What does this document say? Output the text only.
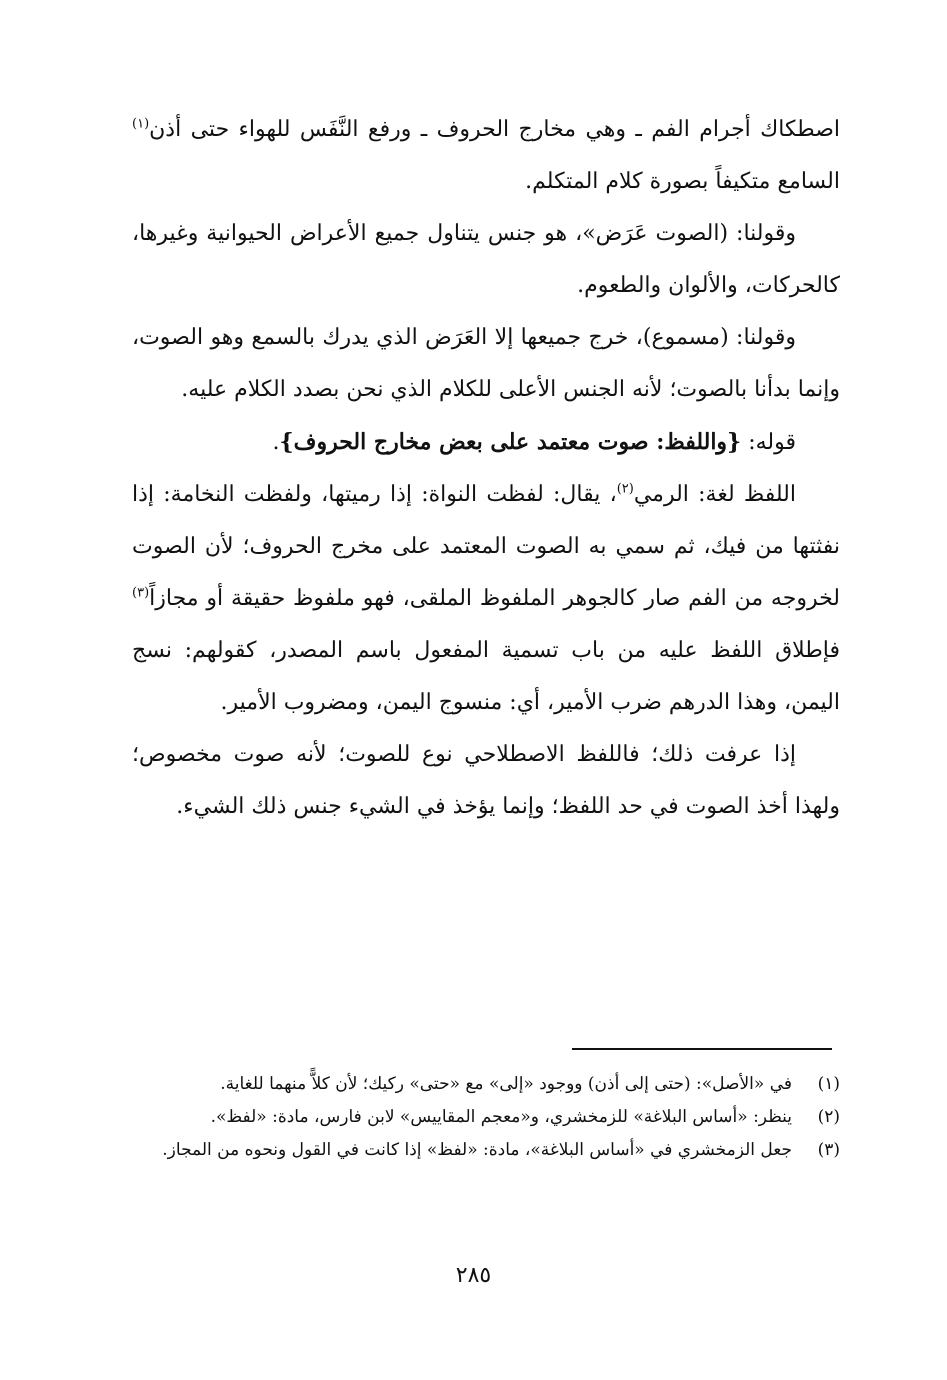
اصطكاك أجرام الفم ـ وهي مخارج الحروف ـ ورفع النَّفَس للهواء حتى أذن$^{(١)}$ السامع متكيفاً بصورة كلام المتكلم.

وقولنا: (الصوت عَرَض»، هو جنس يتناول جميع الأعراض الحيوانية وغيرها، كالحركات، والألوان والطعوم.

وقولنا: (مسموع)، خرج جميعها إلا العَرَض الذي يدرك بالسمع وهو الصوت، وإنما بدأنا بالصوت؛ لأنه الجنس الأعلى للكلام الذي نحن بصدد الكلام عليه.

قوله: {واللفظ: صوت معتمد على بعض مخارج الحروف}.

اللفظ لغة: الرمي$^{(٢)}$، يقال: لفظت النواة: إذا رميتها، ولفظت النخامة: إذا نفثتها من فيك، ثم سمي به الصوت المعتمد على مخرج الحروف؛ لأن الصوت لخروجه من الفم صار كالجوهر الملفوظ الملقى، فهو ملفوظ حقيقة أو مجازاً$^{(٣)}$ فإطلاق اللفظ عليه من باب تسمية المفعول باسم المصدر، كقولهم: نسج اليمن، وهذا الدرهم ضرب الأمير، أي: منسوج اليمن، ومضروب الأمير.

إذا عرفت ذلك؛ فاللفظ الاصطلاحي نوع للصوت؛ لأنه صوت مخصوص؛ ولهذا أخذ الصوت في حد اللفظ؛ وإنما يؤخذ في الشيء جنس ذلك الشيء.

(١)
في «الأصل»: (حتى إلى أذن) ووجود «إلى» مع «حتى» ركيك؛ لأن كلاًّ منهما للغاية.
(٢)
ينظر: «أساس البلاغة» للزمخشري، و«معجم المقاييس» لابن فارس، مادة: «لفظ».
(٣)
جعل الزمخشري في «أساس البلاغة»، مادة: «لفظ» إذا كانت في القول ونحوه من المجاز.
٢٨٥
